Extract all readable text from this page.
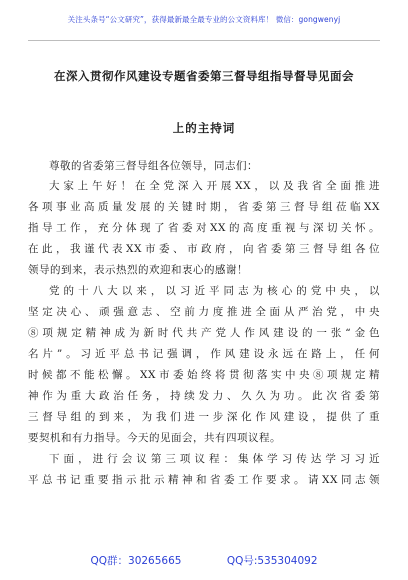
关注头条号“公文研究”，获得最新最全最专业的公文资料库！ 微信：gongwenyj
在深入贯彻作风建设专题省委第三督导组指导督导见面会
上的主持词
尊敬的省委第三督导组各位领导，同志们：
大家上午好！在全党深入开展XX，以及我省全面推进
各项事业高质量发展的关键时期，省委第三督导组莅临XX
指导工作，充分体现了省委对XX的高度重视与深切关怀。
在此，我谨代表XX市委、市政府，向省委第三督导组各位
领导的到来，表示热烈的欢迎和衷心的感谢！
党的十八大以来，以习近平同志为核心的党中央，以
坚定决心、顽强意志、空前力度推进全面从严治党，中央
⑧项规定精神成为新时代共产党人作风建设的一张“金色
名片”。习近平总书记强调，作风建设永远在路上，任何
时候都不能松懈。XX市委始终将贯彻落实中央⑧项规定精
神作为重大政治任务，持续发力、久久为功。此次省委第
三督导组的到来，为我们进一步深化作风建设，提供了重
要契机和有力指导。今天的见面会，共有四项议程。
下面，进行会议第三项议程：集体学习传达学习习近
平总书记重要指示批示精神和省委工作要求。请XX同志领
QQ群：30265665	QQ号:535304092
